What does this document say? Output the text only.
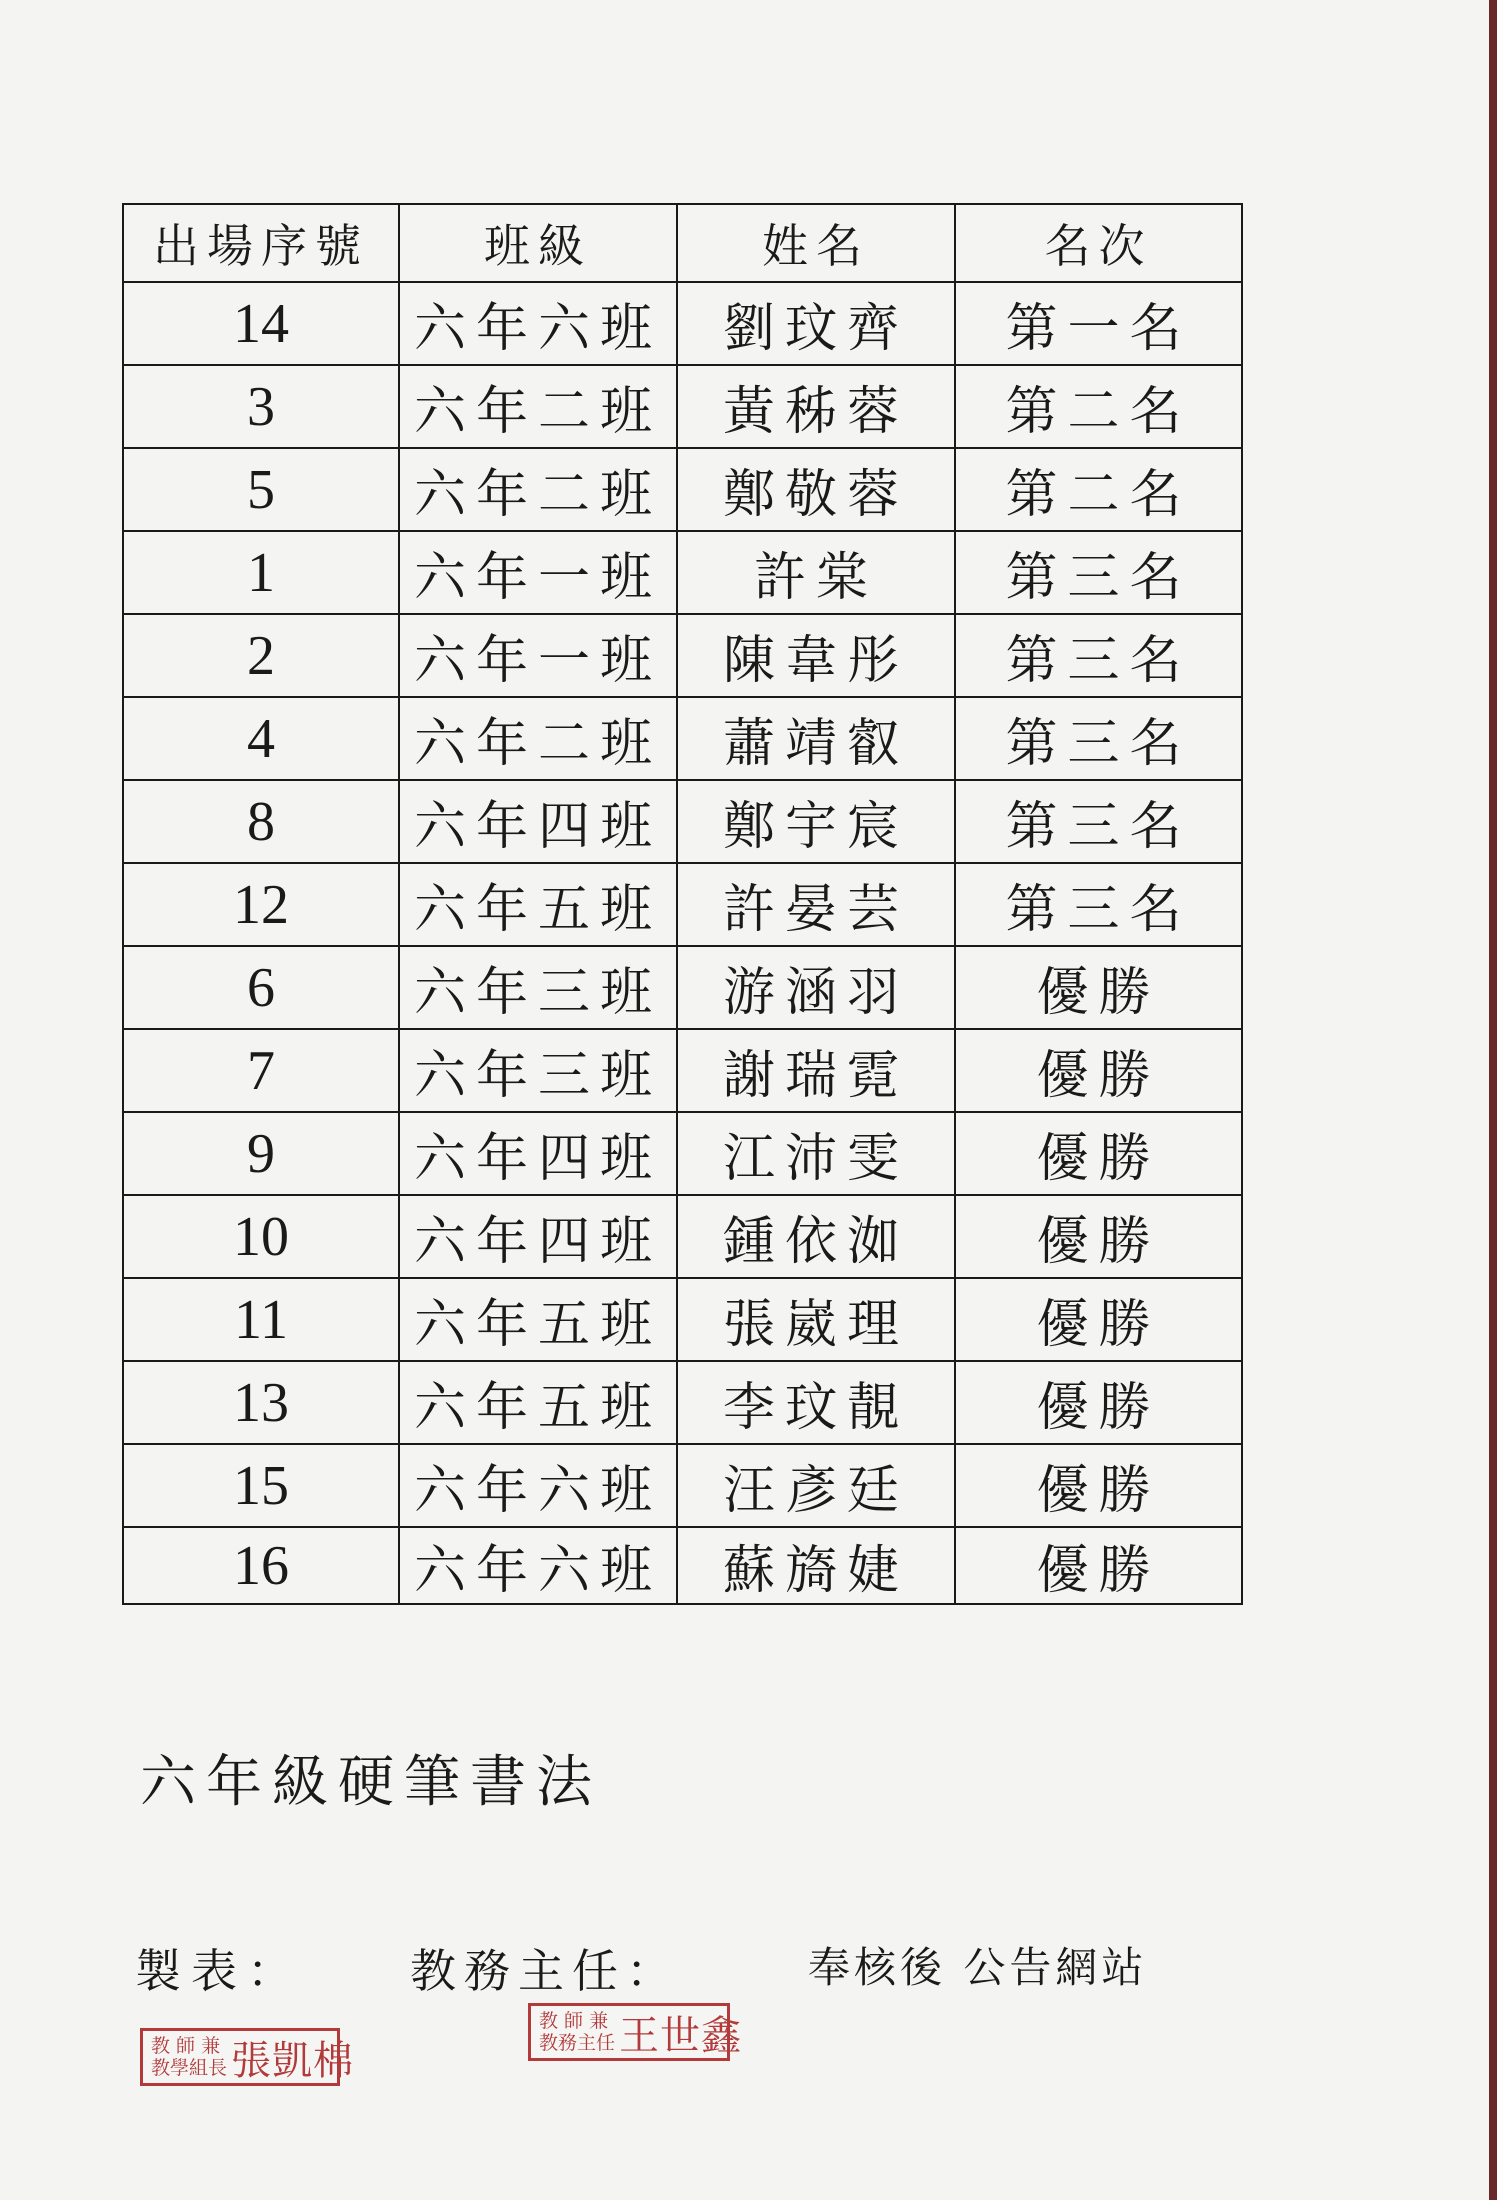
出場序號	班級	姓名	名次
14	六年六班	劉玟齊	第一名
3	六年二班	黃秭蓉	第二名
5	六年二班	鄭敬蓉	第二名
1	六年一班	許棠	第三名
2	六年一班	陳韋彤	第三名
4	六年二班	蕭靖叡	第三名
8	六年四班	鄭宇宸	第三名
12	六年五班	許晏芸	第三名
6	六年三班	游涵羽	優勝
7	六年三班	謝瑞霓	優勝
9	六年四班	江沛雯	優勝
10	六年四班	鍾依洳	優勝
11	六年五班	張崴理	優勝
13	六年五班	李玟靚	優勝
15	六年六班	汪彥廷	優勝
16	六年六班	蘇旖婕	優勝
六年級硬筆書法
製表： 教務主任：	奉核後 公告網站
教 師 兼
教學組長 張凱棉
教 師 兼
教務主任 王世鑫
